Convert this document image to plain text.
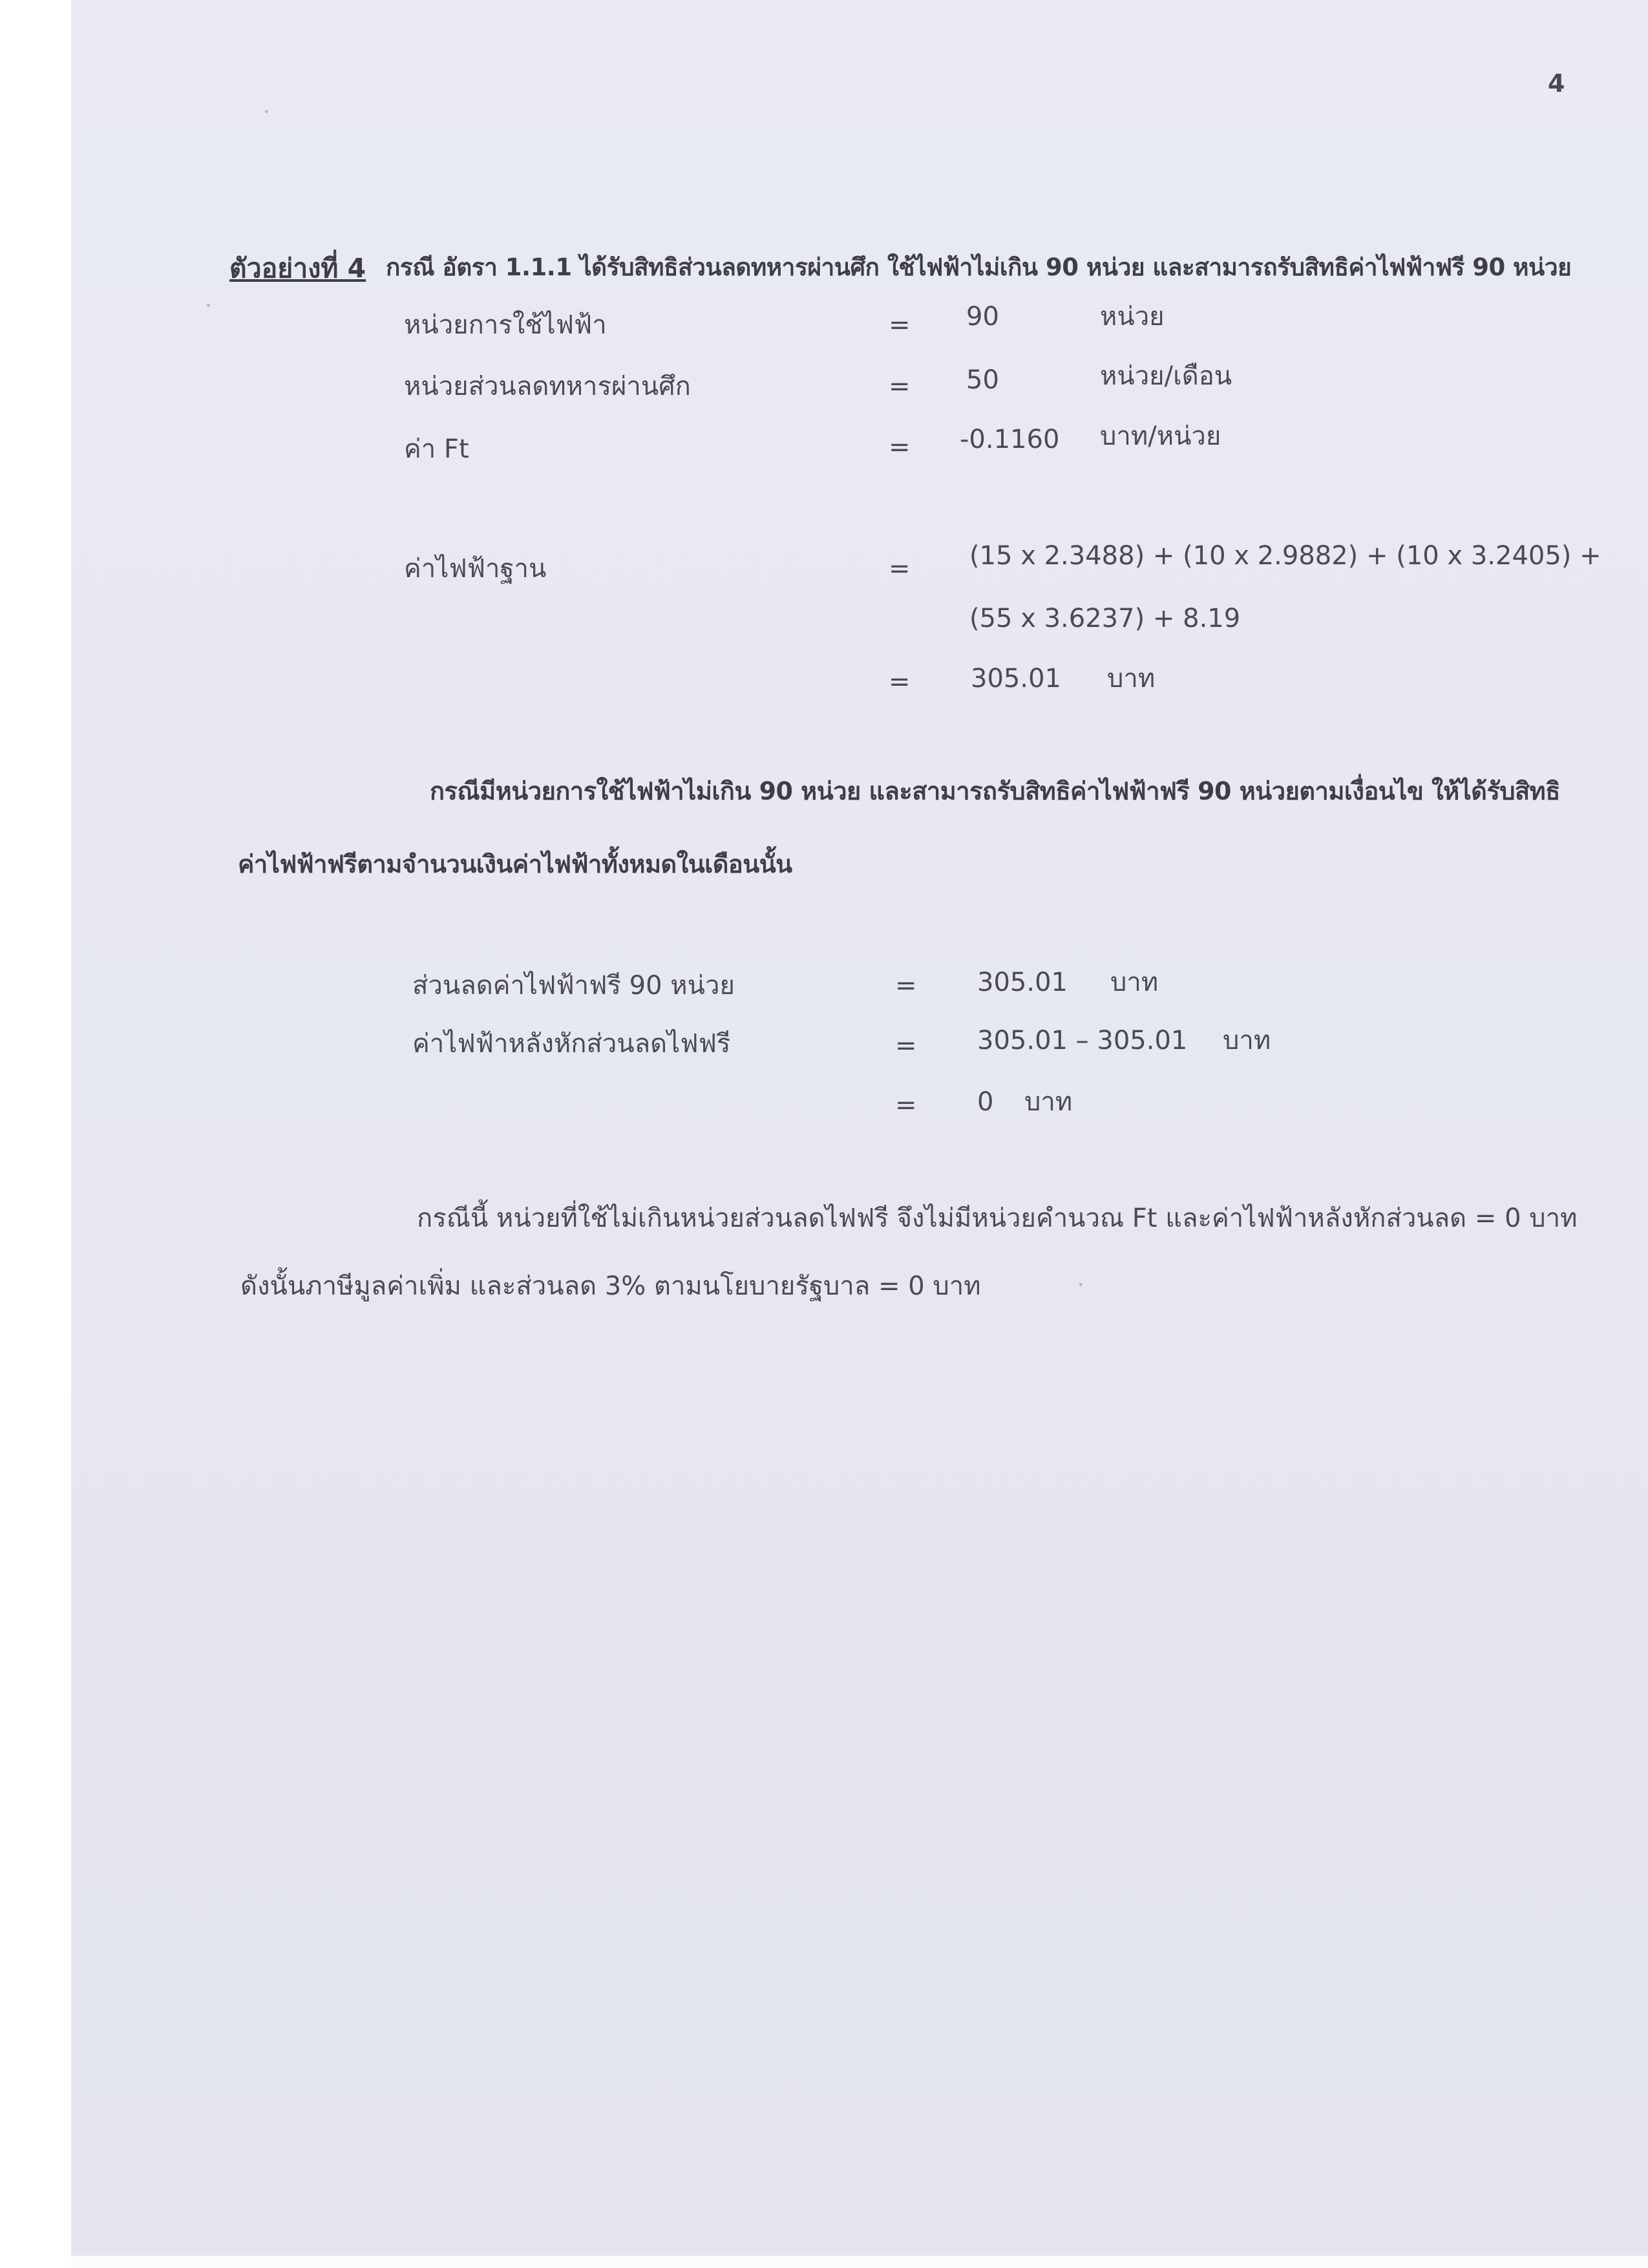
4
ตัวอย่างที่ 4 กรณี อัตรา 1.1.1 ได้รับสิทธิส่วนลดทหารผ่านศึก ใช้ไฟฟ้าไม่เกิน 90 หน่วย และสามารถรับสิทธิค่าไฟฟ้าฟรี 90 หน่วย
หน่วยการใช้ไฟฟ้า	= 90	หน่วย
หน่วยส่วนลดทหารผ่านศึก	= 50	หน่วย/เดือน
ค่า Ft	= -0.1160 บาท/หน่วย
ค่าไฟฟ้าฐาน	= (15 x 2.3488) + (10 x 2.9882) + (10 x 3.2405) +
(55 x 3.6237) + 8.19
= 305.01 บาท
กรณีมีหน่วยการใช้ไฟฟ้าไม่เกิน 90 หน่วย และสามารถรับสิทธิค่าไฟฟ้าฟรี 90 หน่วยตามเงื่อนไข ให้ได้รับสิทธิ
ค่าไฟฟ้าฟรีตามจำนวนเงินค่าไฟฟ้าทั้งหมดในเดือนนั้น
ส่วนลดค่าไฟฟ้าฟรี 90 หน่วย	= 305.01 บาท
ค่าไฟฟ้าหลังหักส่วนลดไฟฟรี	= 305.01 – 305.01 บาท
= 0 บาท
กรณีนี้ หน่วยที่ใช้ไม่เกินหน่วยส่วนลดไฟฟรี จึงไม่มีหน่วยคำนวณ Ft และค่าไฟฟ้าหลังหักส่วนลด = 0 บาท
ดังนั้นภาษีมูลค่าเพิ่ม และส่วนลด 3% ตามนโยบายรัฐบาล = 0 บาท
